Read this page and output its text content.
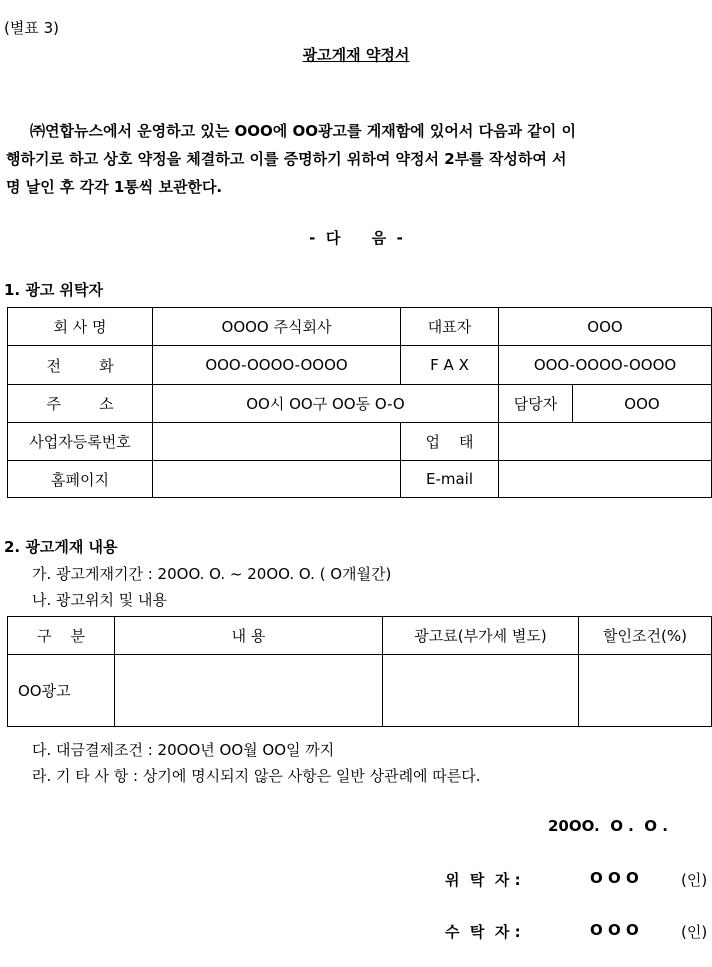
(별표 3)
광고게재 약정서
㈜연합뉴스에서 운영하고 있는 OOO에 OO광고를 게재함에 있어서 다음과 같이 이
행하기로 하고 상호 약정을 체결하고 이를 증명하기 위하여 약정서 2부를 작성하여 서
명 날인 후 각각 1통씩 보관한다.
-  다      음  -
1. 광고 위탁자
회 사 명	OOOO 주식회사	대표자	OOO	
전        화	OOO-OOOO-OOOO	F A X	OOO-OOOO-OOOO	
주        소	OO시 OO구 OO동 O-O		담당자	OOO
사업자등록번호		업    태		
홈페이지		E-mail		
2. 광고게재 내용
가. 광고게재기간 : 20OO. O. ~ 20OO. O. ( O개월간)
나. 광고위치 및 내용
구    분	내 용	광고료(부가세 별도)	할인조건(%)
OO광고			
다. 대금결제조건 : 20OO년 OO월 OO일 까지
라. 기 타 사 항 : 상기에 명시되지 않은 사항은 일반 상관례에 따른다.
20OO.  O .  O .
위  탁  자 :	O O O	(인)
수  탁  자 :	O O O	(인)
